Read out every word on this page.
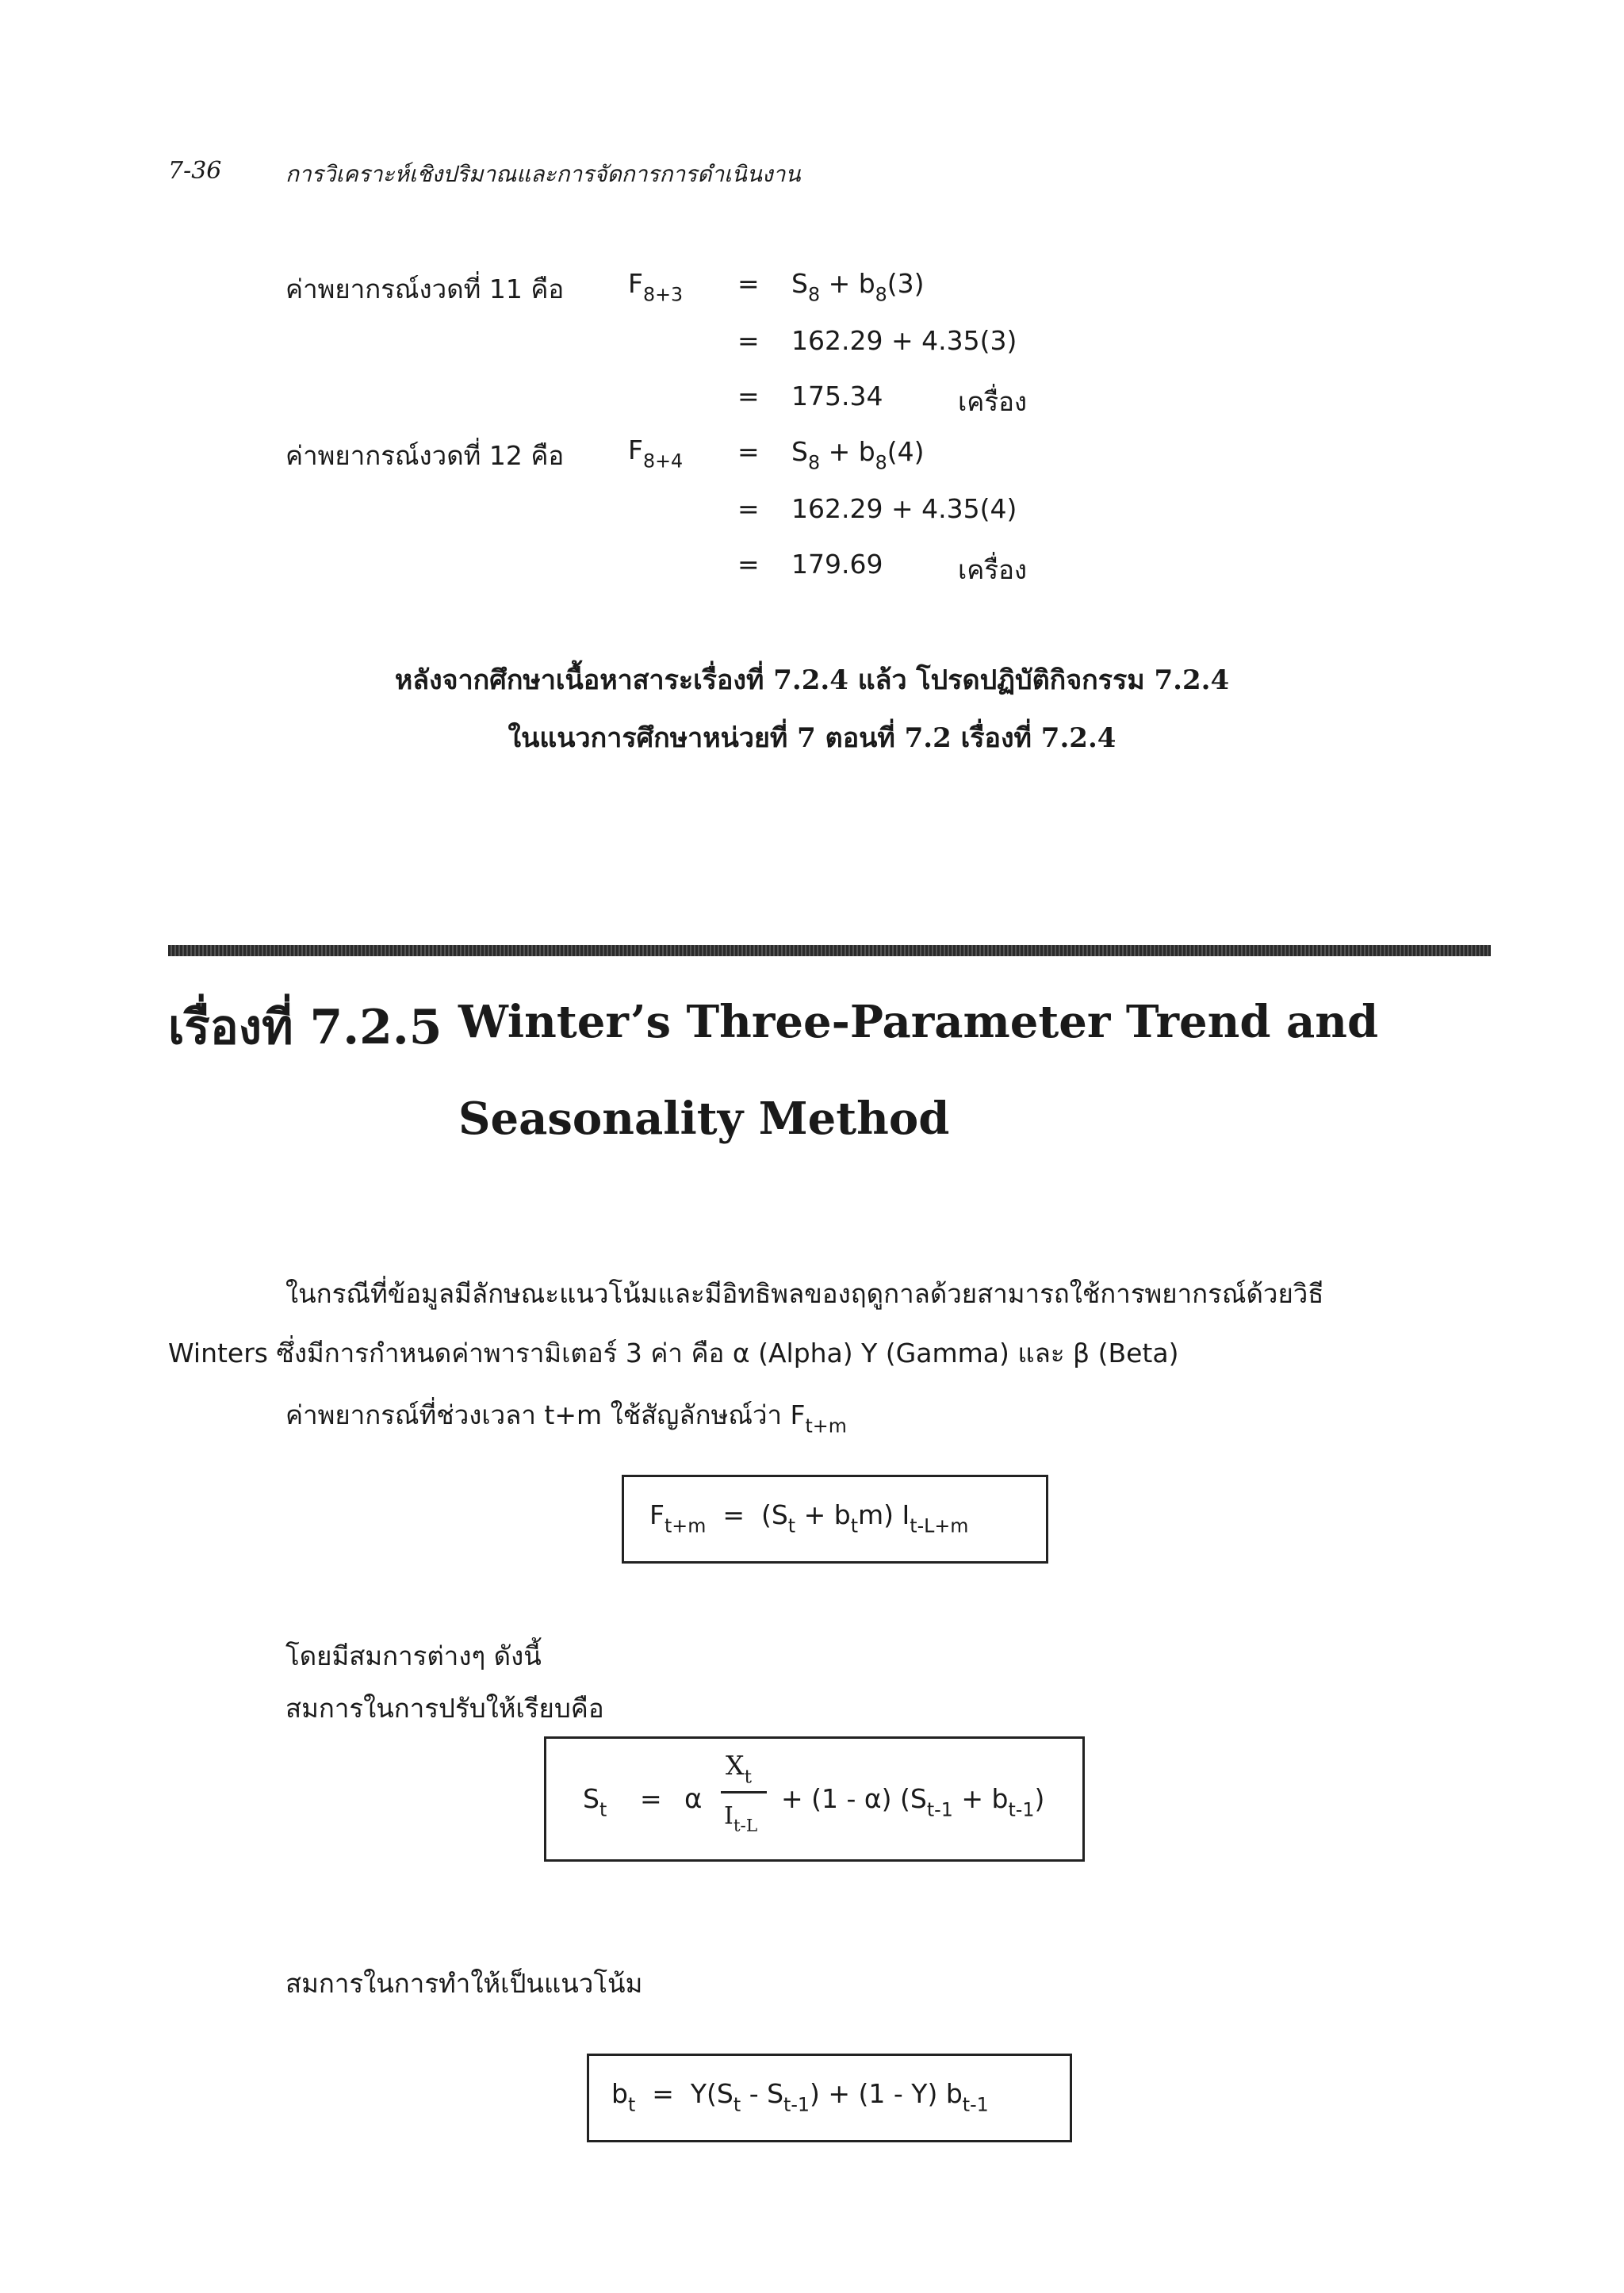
7-36	การวิเคราะห์เชิงปริมาณและการจัดการการดำเนินงาน
ค่าพยากรณ์งวดที่ 11 คือ $F_{8+3} = S_8 + b_8(3)$
= 162.29 + 4.35(3)
= 175.34	เครื่อง
ค่าพยากรณ์งวดที่ 12 คือ $F_{8+4} = S_8 + b_8(4)$
= 162.29 + 4.35(4)
= 179.69	เครื่อง
หลังจากศึกษาเนื้อหาสาระเรื่องที่ 7.2.4 แล้ว โปรดปฏิบัติกิจกรรม 7.2.4
ในแนวการศึกษาหน่วยที่ 7 ตอนที่ 7.2 เรื่องที่ 7.2.4
เรื่องที่ 7.2.5 Winter’s Three-Parameter Trend and
Seasonality Method
ในกรณีที่ข้อมูลมีลักษณะแนวโน้มและมีอิทธิพลของฤดูกาลด้วยสามารถใช้การพยากรณ์ด้วยวิธี
Winters ซึ่งมีการกำหนดค่าพารามิเตอร์ 3 ค่า คือ α (Alpha) Υ (Gamma) และ β (Beta)
ค่าพยากรณ์ที่ช่วงเวลา t+m ใช้สัญลักษณ์ว่า $F_{t+m}$
$F_{t+m} = (S_t + b_tm)$ $I_{t-L+m}$
โดยมีสมการต่างๆ ดังนี้
สมการในการปรับให้เรียบคือ
$S_t = \alpha$
$X_t$
$I_{t-L}$
+ (1 - α) $(S_{t-1} + b_{t-1})$
สมการในการทำให้เป็นแนวโน้ม
$b_t = \Upsilon(S_t - S_{t-1}) + (1 - \Upsilon)$ $b_{t-1}$
